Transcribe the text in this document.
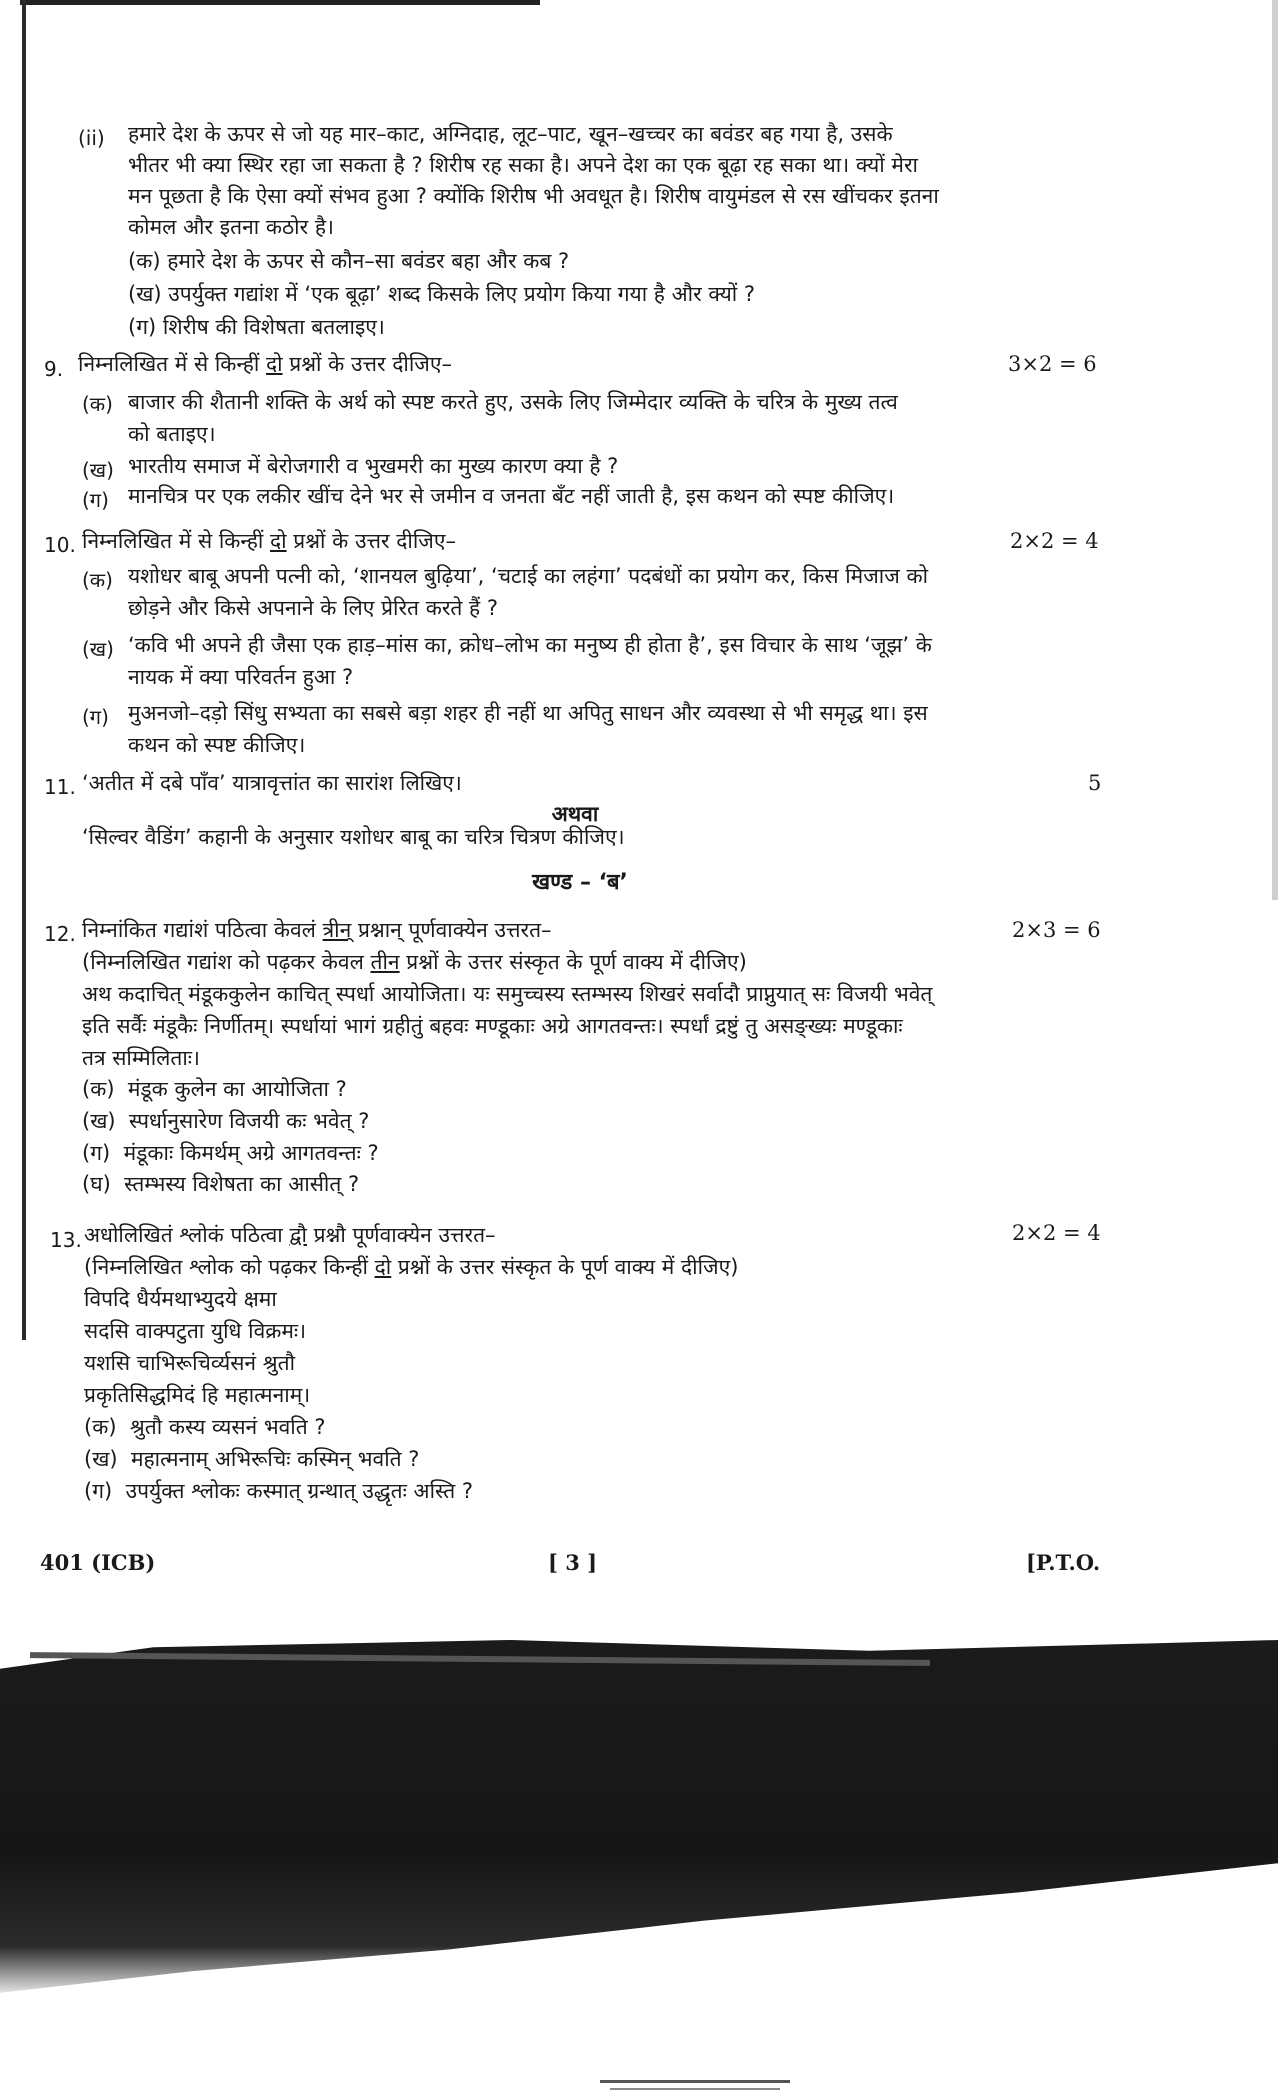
(ii) हमारे देश के ऊपर से जो यह मार–काट, अग्निदाह, लूट–पाट, खून–खच्चर का बवंडर बह गया है, उसके
भीतर भी क्या स्थिर रहा जा सकता है ? शिरीष रह सका है। अपने देश का एक बूढ़ा रह सका था। क्यों मेरा
मन पूछता है कि ऐसा क्यों संभव हुआ ? क्योंकि शिरीष भी अवधूत है। शिरीष वायुमंडल से रस खींचकर इतना
कोमल और इतना कठोर है।
(क) हमारे देश के ऊपर से कौन–सा बवंडर बहा और कब ?
(ख) उपर्युक्त गद्यांश में ‘एक बूढ़ा’ शब्द किसके लिए प्रयोग किया गया है और क्यों ?
(ग) शिरीष की विशेषता बतलाइए।
9. निम्नलिखित में से किन्हीं दो प्रश्नों के उत्तर दीजिए–	3×2 = 6
(क) बाजार की शैतानी शक्ति के अर्थ को स्पष्ट करते हुए, उसके लिए जिम्मेदार व्यक्ति के चरित्र के मुख्य तत्व
को बताइए।
(ख) भारतीय समाज में बेरोजगारी व भुखमरी का मुख्य कारण क्या है ?
(ग) मानचित्र पर एक लकीर खींच देने भर से जमीन व जनता बँट नहीं जाती है, इस कथन को स्पष्ट कीजिए।
10. निम्नलिखित में से किन्हीं दो प्रश्नों के उत्तर दीजिए–	2×2 = 4
(क) यशोधर बाबू अपनी पत्नी को, ‘शानयल बुढ़िया’, ‘चटाई का लहंगा’ पदबंधों का प्रयोग कर, किस मिजाज को
छोड़ने और किसे अपनाने के लिए प्रेरित करते हैं ?
(ख) ‘कवि भी अपने ही जैसा एक हाड़–मांस का, क्रोध–लोभ का मनुष्य ही होता है’, इस विचार के साथ ‘जूझ’ के
नायक में क्या परिवर्तन हुआ ?
(ग) मुअनजो–दड़ो सिंधु सभ्यता का सबसे बड़ा शहर ही नहीं था अपितु साधन और व्यवस्था से भी समृद्ध था। इस
कथन को स्पष्ट कीजिए।
11. ‘अतीत में दबे पाँव’ यात्रावृत्तांत का सारांश लिखिए।	5
अथवा
‘सिल्वर वैडिंग’ कहानी के अनुसार यशोधर बाबू का चरित्र चित्रण कीजिए।
खण्ड – ‘ब’
12. निम्नांकित गद्यांशं पठित्वा केवलं त्रीन् प्रश्नान् पूर्णवाक्येन उत्तरत–	2×3 = 6
(निम्नलिखित गद्यांश को पढ़कर केवल तीन प्रश्नों के उत्तर संस्कृत के पूर्ण वाक्य में दीजिए)
अथ कदाचित् मंडूककुलेन काचित् स्पर्धा आयोजिता। यः समुच्चस्य स्तम्भस्य शिखरं सर्वादौ प्राप्नुयात् सः विजयी भवेत्
इति सर्वैः मंडूकैः निर्णीतम्। स्पर्धायां भागं ग्रहीतुं बहवः मण्डूकाः अग्रे आगतवन्तः। स्पर्धां द्रष्टुं तु असङ्ख्यः मण्डूकाः
तत्र सम्मिलिताः।
(क) मंडूक कुलेन का आयोजिता ?
(ख) स्पर्धानुसारेण विजयी कः भवेत् ?
(ग) मंडूकाः किमर्थम् अग्रे आगतवन्तः ?
(घ) स्तम्भस्य विशेषता का आसीत् ?
13. अधोलिखितं श्लोकं पठित्वा द्वौ प्रश्नौ पूर्णवाक्येन उत्तरत–	2×2 = 4
(निम्नलिखित श्लोक को पढ़कर किन्हीं दो प्रश्नों के उत्तर संस्कृत के पूर्ण वाक्य में दीजिए)
विपदि धैर्यमथाभ्युदये क्षमा
सदसि वाक्पटुता युधि विक्रमः।
यशसि चाभिरूचिर्व्यसनं श्रुतौ
प्रकृतिसिद्धमिदं हि महात्मनाम्।
(क) श्रुतौ कस्य व्यसनं भवति ?
(ख) महात्मनाम् अभिरूचिः कस्मिन् भवति ?
(ग) उपर्युक्त श्लोकः कस्मात् ग्रन्थात् उद्धृतः अस्ति ?
401 (ICB)	[ 3 ]	[P.T.O.
